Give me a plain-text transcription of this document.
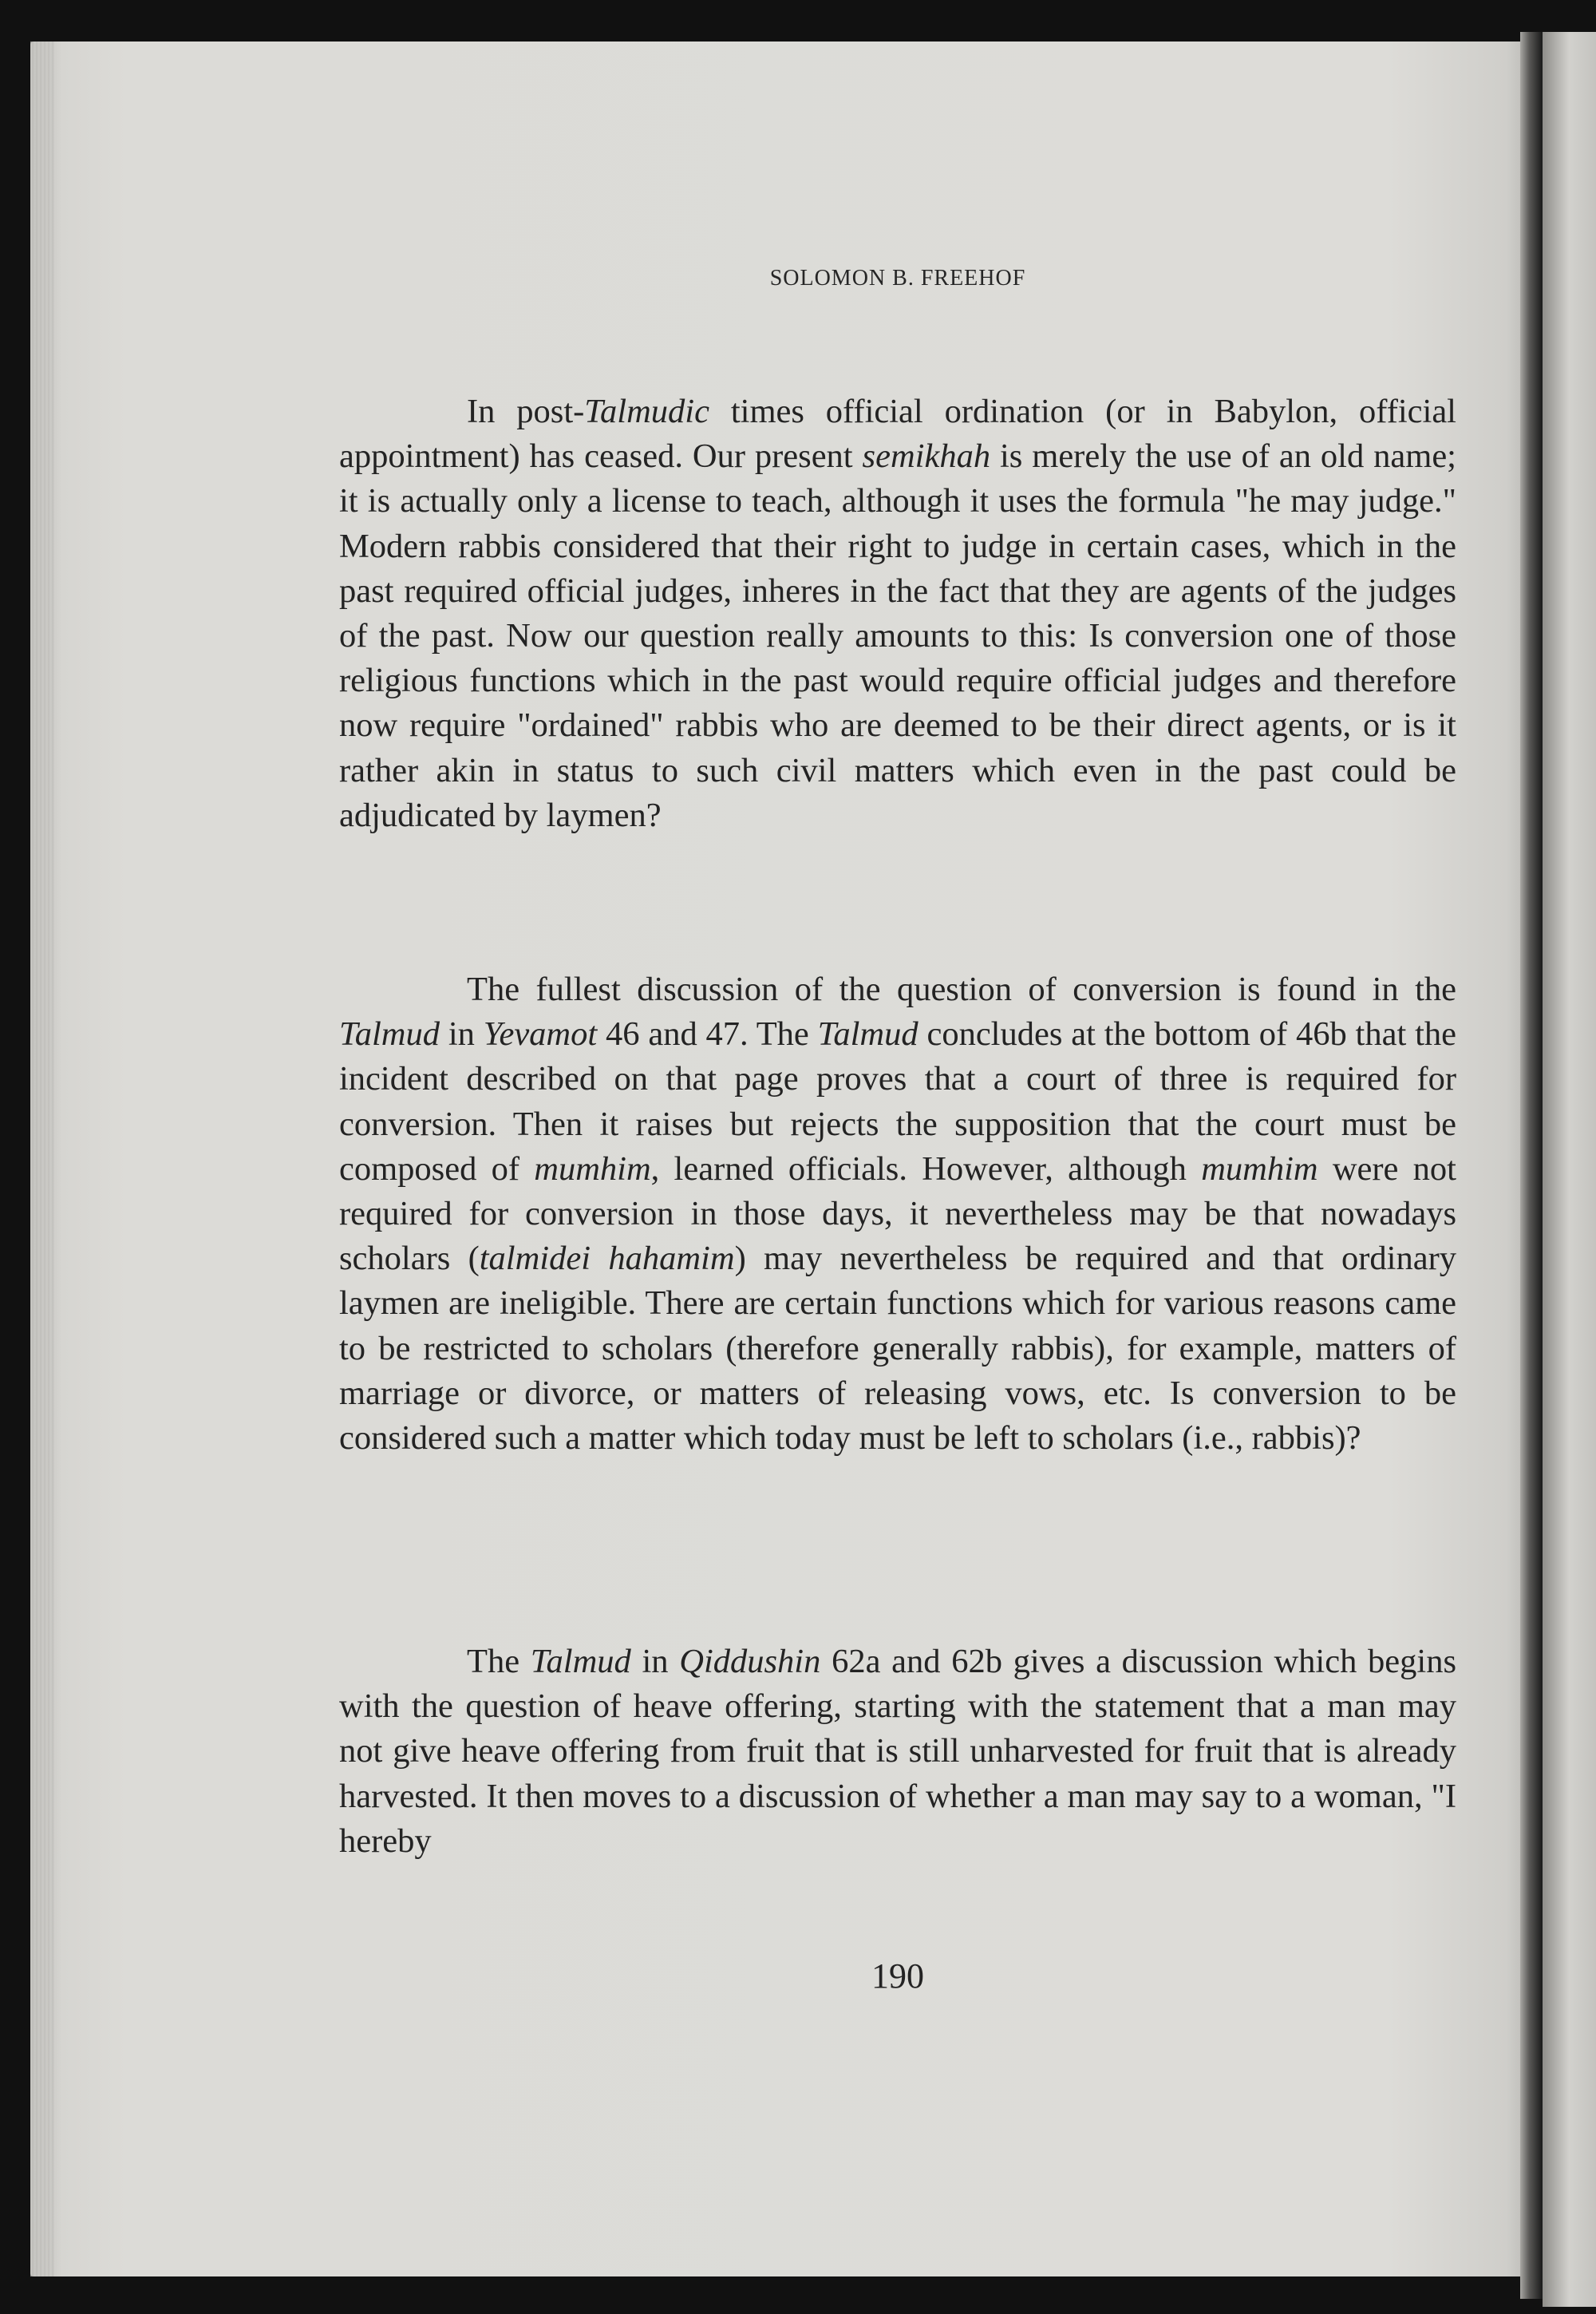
SOLOMON B. FREEHOF

In post-Talmudic times official ordination (or in Babylon, official appointment) has ceased. Our present semikhah is merely the use of an old name; it is actually only a license to teach, although it uses the formula "he may judge." Modern rabbis considered that their right to judge in certain cases, which in the past required official judges, inheres in the fact that they are agents of the judges of the past. Now our question really amounts to this: Is conversion one of those religious functions which in the past would require official judges and therefore now require "ordained" rabbis who are deemed to be their direct agents, or is it rather akin in status to such civil matters which even in the past could be adjudicated by laymen?

The fullest discussion of the question of conversion is found in the Talmud in Yevamot 46 and 47. The Talmud concludes at the bottom of 46b that the incident described on that page proves that a court of three is required for conversion. Then it raises but rejects the supposition that the court must be composed of mumhim, learned officials. However, although mumhim were not required for conversion in those days, it nevertheless may be that nowadays scholars (talmidei hahamim) may nevertheless be required and that ordinary laymen are ineligible. There are certain functions which for various reasons came to be restricted to scholars (therefore generally rabbis), for example, matters of marriage or divorce, or matters of releasing vows, etc. Is conversion to be considered such a matter which today must be left to scholars (i.e., rabbis)?

The Talmud in Qiddushin 62a and 62b gives a discussion which begins with the question of heave offering, starting with the statement that a man may not give heave offering from fruit that is still unharvested for fruit that is already harvested. It then moves to a discussion of whether a man may say to a woman, "I hereby

190
